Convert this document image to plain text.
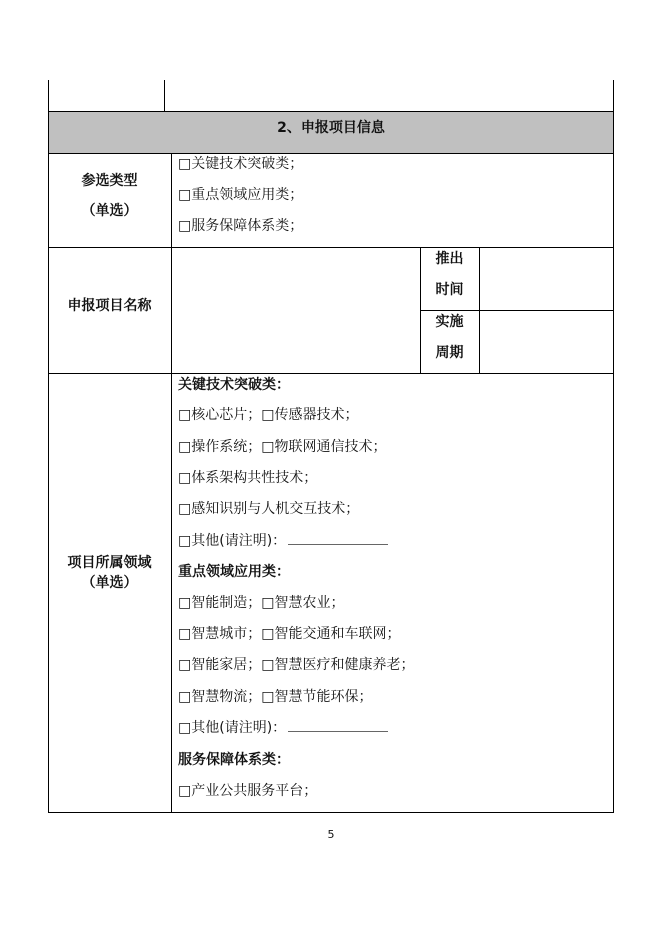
2、申报项目信息
参选类型
（单选）
□关键技术突破类；
□重点领域应用类；
□服务保障体系类；
申报项目名称
推出
时间
实施
周期
项目所属领域
（单选）
关键技术突破类：
□核心芯片；□传感器技术；
□操作系统；□物联网通信技术；
□体系架构共性技术；
□感知识别与人机交互技术；
□其他(请注明)：
重点领域应用类：
□智能制造；□智慧农业；
□智慧城市；□智能交通和车联网；
□智能家居；□智慧医疗和健康养老；
□智慧物流；□智慧节能环保；
□其他(请注明)：
服务保障体系类：
□产业公共服务平台；
5
